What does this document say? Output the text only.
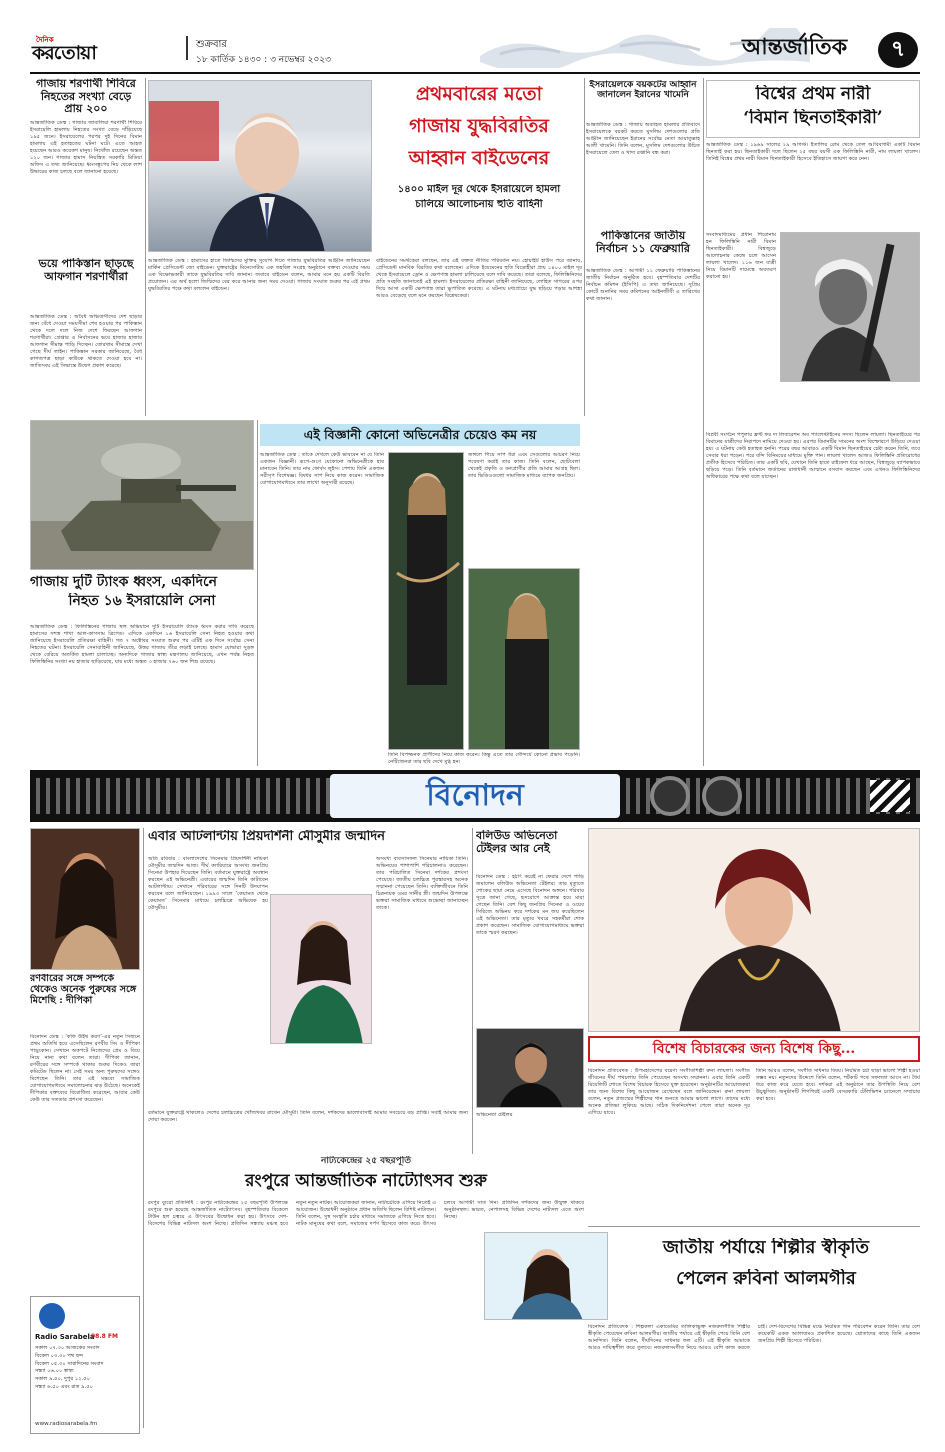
দৈনিক
করতোয়া	শুক্রবার
১৮ কার্তিক ১৪৩০ : ৩ নভেম্বর ২০২৩	আন্তর্জাতিক	৭
গাজায় শরণার্থী শিবিরে নিহতের সংখ্যা বেড়ে প্রায় ২০০
আন্তর্জাতিক ডেস্ক : গাজার জাবালিয়া শরণার্থী শিবিরে ইসরায়েলি হামলায় নিহতের সংখ্যা বেড়ে দাঁড়িয়েছে ১৯৫ জনে। ইসরায়েলের পরপর দুই দিনের বিমান হামলায় এই হতাহতের ঘটনা ঘটে। এতে আহত হয়েছেন আরও কয়েকশ মানুষ। নিখোঁজ রয়েছেন অন্তত ১২০ জন। গাজার হামাস নিয়ন্ত্রিত সরকারি মিডিয়া অফিস এ তথ্য জানিয়েছে। ধ্বংসস্তূপের নিচ থেকে লাশ উদ্ধারের কাজ চলছে বলে জানানো হয়েছে।
ভয়ে পাকিস্তান ছাড়ছে আফগান শরণার্থীরা
আন্তর্জাতিক ডেস্ক : অবৈধ অভিবাসীদের দেশ ছাড়ার জন্য বেঁধে দেওয়া সময়সীমা শেষ হওয়ার পর পাকিস্তান থেকে দলে দলে নিজ দেশে ফিরছেন আফগান শরণার্থীরা। গ্রেপ্তার ও নির্বাসনের ভয়ে হাজার হাজার আফগান সীমান্ত পাড়ি দিচ্ছেন। তোরখাম সীমান্তে দেখা গেছে দীর্ঘ লাইন। পাকিস্তান সরকার জানিয়েছে, বৈধ কাগজপত্র ছাড়া কাউকে থাকতে দেওয়া হবে না। জাতিসংঘ এই সিদ্ধান্তে উদ্বেগ প্রকাশ করেছে।
প্রথমবারের মতো
গাজায় যুদ্ধবিরতির
আহ্বান বাইডেনের
১৪০০ মাইল দূর থেকে ইসরায়েলে হামলা
চালিয়ে আলোচনায় হুতি বাহিনী
আন্তর্জাতিক ডেস্ক : হামাসের হাতে জিম্মিদের মুক্তির সুযোগ দিতে গাজায় যুদ্ধবিরতির আহ্বান জানিয়েছেন মার্কিন প্রেসিডেন্ট জো বাইডেন। যুক্তরাষ্ট্রের মিনেসোটায় এক তহবিল সংগ্রহ অনুষ্ঠানে বক্তব্য দেওয়ার সময় এক বিক্ষোভকারী তাকে যুদ্ধবিরতির দাবি জানান। জবাবে বাইডেন বলেন, আমার মনে হয় একটি বিরতি প্রয়োজন। এর অর্থ হলো জিম্মিদের বের করে আনার জন্য সময় দেওয়া। গাজায় সংঘাত শুরুর পর এই প্রথম যুদ্ধবিরতির পক্ষে কথা বললেন বাইডেন।
বাইডেনের সমর্থকেরা বলছেন, তার এই বক্তব্য নীতির পরিবর্তন নয়। হোয়াইট হাউস পরে জানায়, প্রেসিডেন্ট মানবিক বিরতির কথা বলেছেন। এদিকে ইয়েমেনের হুতি বিদ্রোহীরা প্রায় ১৪০০ মাইল দূর থেকে ইসরায়েলে ড্রোন ও ক্ষেপণাস্ত্র হামলা চালিয়েছে বলে দাবি করেছে। তারা বলেছে, ফিলিস্তিনিদের প্রতি সংহতি জানাতেই এই হামলা। ইসরায়েলের প্রতিরক্ষা বাহিনী জানিয়েছে, লোহিত সাগরের ওপর দিয়ে আসা একটি ক্ষেপণাস্ত্র তারা ভূপাতিত করেছে। এ ঘটনায় মধ্যপ্রাচ্যে যুদ্ধ ছড়িয়ে পড়ার আশঙ্কা আরও বেড়েছে বলে মনে করছেন বিশ্লেষকেরা।
ইসরায়েলকে বয়কটের আহ্বান জানালেন ইরানের খামেনি
আন্তর্জাতিক ডেস্ক : গাজায় অব্যাহত হামলার প্রতিবাদে ইসরায়েলকে বয়কট করতে মুসলিম দেশগুলোর প্রতি আহ্বান জানিয়েছেন ইরানের সর্বোচ্চ নেতা আয়াতুল্লাহ আলী খামেনি। তিনি বলেন, মুসলিম দেশগুলোর উচিত ইসরায়েলে তেল ও খাদ্য রপ্তানি বন্ধ করা।
পাকিস্তানের জাতীয় নির্বাচন ১১ ফেব্রুয়ারি
আন্তর্জাতিক ডেস্ক : আগামী ১১ ফেব্রুয়ারি পাকিস্তানের জাতীয় নির্বাচন অনুষ্ঠিত হবে। বৃহস্পতিবার দেশটির নির্বাচন কমিশন (ইসিপি) এ তথ্য জানিয়েছে। সুপ্রিম কোর্টে শুনানির সময় কমিশনের আইনজীবী এ তারিখের কথা জানান।
বিশ্বের প্রথম নারী
‘বিমান ছিনতাইকারী’
আন্তর্জাতিক ডেস্ক : ১৯৬৯ সালের ২৯ আগস্ট। ইতালির রোম থেকে তেল আবিবগামী একটি বিমান ছিনতাই করা হয়। ছিনতাইকারী দলে ছিলেন ২৫ বছর বয়সী এক ফিলিস্তিনি নারী, নাম লায়লা খালেদ। তিনিই বিশ্বের প্রথম নারী বিমান ছিনতাইকারী হিসেবে ইতিহাসে জায়গা করে নেন।
সংবাদমাধ্যমের প্রধান শিরোনাম হন ফিলিস্তিনি নারী বিমান ছিনতাইকারী। বিশ্বজুড়ে আলোচনার কেন্দ্রে চলে আসেন লায়লা খালেদ। ১১৬ জন যাত্রী নিয়ে বিমানটি দামেস্কে অবতরণ করানো হয়।
বিপ্লবী সংগঠন পপুলার ফ্রন্ট ফর দ্য লিবারেশন অব প্যালেস্টাইনের সদস্য ছিলেন লায়লা। ছিনতাইয়ের পর বিমানের যাত্রীদের নিরাপদে নামিয়ে দেওয়া হয়। এরপর বিমানটির সামনের অংশ বিস্ফোরণে উড়িয়ে দেওয়া হয়। এ ঘটনায় কেউ হতাহত হননি। পরের বছর আবারও একটি বিমান ছিনতাইয়ের চেষ্টা করেন তিনি, তবে সেবার ধরা পড়েন। পরে বন্দি বিনিময়ের মাধ্যমে মুক্তি পান। লায়লা খালেদ আজও ফিলিস্তিনি প্রতিরোধের প্রতীক হিসেবে পরিচিত। তার একটি ছবি, যেখানে তিনি হাতে রাইফেল ধরে আছেন, বিশ্বজুড়ে ব্যাপকভাবে ছড়িয়ে পড়ে। তিনি বর্তমানে জর্ডানের রাজধানী আম্মানে বসবাস করছেন এবং এখনও ফিলিস্তিনিদের অধিকারের পক্ষে কথা বলে যাচ্ছেন।
গাজায় দুটি ট্যাংক ধ্বংস, একদিনে
নিহত ১৬ ইসরায়েলি সেনা
আন্তর্জাতিক ডেস্ক : ফিলিস্তিনের গাজায় স্থল অভিযানে দুটি ইসরায়েলি ট্যাংক ধ্বংস করার দাবি করেছে হামাসের সশস্ত্র শাখা আল-কাসসাম ব্রিগেড। এদিকে একদিনে ১৬ ইসরায়েলি সেনা নিহত হওয়ার কথা জানিয়েছে ইসরায়েলি প্রতিরক্ষা বাহিনী। গত ৭ অক্টোবর সংঘাত শুরুর পর এটিই এক দিনে সর্বোচ্চ সেনা নিহতের ঘটনা। ইসরায়েলি সেনাবাহিনী জানিয়েছে, উত্তর গাজায় তীব্র লড়াই চলছে। হামাস যোদ্ধারা সুড়ঙ্গ থেকে বেরিয়ে অতর্কিত হামলা চালাচ্ছে। অন্যদিকে গাজার স্বাস্থ্য মন্ত্রণালয় জানিয়েছে, এখন পর্যন্ত নিহত ফিলিস্তিনির সংখ্যা নয় হাজার ছাড়িয়েছে, যার মধ্যে অন্তত ৩ হাজার ৭৬০ জন শিশু রয়েছে।
এই বিজ্ঞানী কোনো অভিনেত্রীর চেয়েও কম নয়
আন্তর্জাতিক ডেস্ক : তাকে দেখলে কেউ ভাববেন না যে তিনি একজন বিজ্ঞানী। রূপে-গুণে যেকোনো অভিনেত্রীকে হার মানাবেন তিনি। তার নাম ফোর্বস লুইস। পেশায় তিনি একজন সরীসৃপ বিশেষজ্ঞ। বিষধর সাপ নিয়ে কাজ করেন। সামাজিক যোগাযোগমাধ্যমে তার লাখো অনুসারী রয়েছে।
জঙ্গলে গিয়ে সাপ ধরা এবং সেগুলোর আচরণ নিয়ে গবেষণা করাই তার কাজ। তিনি বলেন, ছোটবেলা থেকেই প্রকৃতি ও বন্যপ্রাণীর প্রতি আমার আগ্রহ ছিল। তার ভিডিওগুলো সামাজিক মাধ্যমে ব্যাপক জনপ্রিয়।
তিনি বিপজ্জনক প্রাণীদের নিয়ে কাজ করেন। কিন্তু এতে তার সৌন্দর্যে কোনো প্রভাব পড়েনি। নেটিজেনরা তার ছবি দেখে মুগ্ধ হন।
বিনোদন
রণবীরের সঙ্গে সম্পর্কে থেকেও অনেক পুরুষের সঙ্গে মিশেছি : দীপিকা
বিনোদন ডেস্ক : ‘কফি উইথ করণ’-এর নতুন সিজনে প্রথম অতিথি হয়ে এসেছিলেন রণবীর সিং ও দীপিকা পাড়ুকোন। সেখানে অকপটে নিজেদের প্রেম ও বিয়ে নিয়ে নানা কথা বলেন তারা। দীপিকা জানান, রণবীরের সঙ্গে সম্পর্কে থাকার শুরুর দিকেও তারা কমিটেড ছিলেন না। সেই সময় অন্য পুরুষদের সঙ্গেও মিশেছেন তিনি। তার এই মন্তব্যে সামাজিক যোগাযোগমাধ্যমে সমালোচনার ঝড় উঠেছে। অনেকেই দীপিকার বক্তব্যের বিরোধিতা করেছেন, আবার কেউ কেউ তার সততার প্রশংসা করেছেন।
এবার আটলান্টায় প্রিয়দর্শিনী মৌসুমীর জন্মদিন
অতি রবিবার : বাংলাদেশের সিনেমার প্রিয়দর্শিনী নায়িকা মৌসুমীর জন্মদিন আজ। দীর্ঘ ক্যারিয়ারে অসংখ্য জনপ্রিয় সিনেমা উপহার দিয়েছেন তিনি। বর্তমানে যুক্তরাষ্ট্রে অবস্থান করছেন এই অভিনেত্রী। এবারের জন্মদিন তিনি কাটাবেন আটলান্টায়। সেখানে পরিবারের সঙ্গে দিনটি উদযাপন করবেন বলে জানিয়েছেন। ১৯৯৩ সালে ‘কেয়ামত থেকে কেয়ামত’ সিনেমার মাধ্যমে চলচ্চিত্রে অভিষেক হয় মৌসুমীর।
অসংখ্য ব্যবসাসফল সিনেমার নায়িকা তিনি। অভিনয়ের পাশাপাশি পরিচালনাও করেছেন। তার পরিচালিত সিনেমা দর্শকের প্রশংসা পেয়েছে। জাতীয় চলচ্চিত্র পুরস্কারসহ অনেক সম্মাননা পেয়েছেন তিনি। ব্যক্তিজীবনে তিনি চিত্রনায়ক ওমর সানীর স্ত্রী। জন্মদিন উপলক্ষে ভক্তরা সামাজিক মাধ্যমে শুভেচ্ছা জানাচ্ছেন তাকে।
বর্তমানে যুক্তরাষ্ট্রে থাকলেও দেশের চলচ্চিত্রের খোঁজখবর রাখেন মৌসুমী। তিনি বলেন, দর্শকদের ভালোবাসাই আমার সবচেয়ে বড় প্রাপ্তি। সবাই আমার জন্য দোয়া করবেন।
বলিউড অভিনেতা টেইলর আর নেই
বিনোদন ডেস্ক : হঠাৎ করেই না ফেরার দেশে পাড়ি জমালেন বলিউড অভিনেতা টেইলর। তার মৃত্যুতে শোকের ছায়া নেমে এসেছে বিনোদন অঙ্গনে। পরিবার সূত্রে জানা গেছে, হৃদরোগে আক্রান্ত হয়ে মারা গেছেন তিনি। বেশ কিছু জনপ্রিয় সিনেমা ও ওয়েব সিরিজে অভিনয় করে দর্শকের মন জয় করেছিলেন এই অভিনেতা। তার মৃত্যুর খবরে সহকর্মীরা শোক প্রকাশ করেছেন। সামাজিক যোগাযোগমাধ্যমে ভক্তরা তাকে স্মরণ করছেন।
অভিনেতা টেইলর
বিশেষ বিচারকের জন্য বিশেষ কিছু...
বিনোদন প্রতিবেদক : উপমহাদেশের বরেণ্য সংগীতশিল্পী রুনা লায়লা। সংগীত জীবনের দীর্ঘ পথচলায় তিনি পেয়েছেন অসংখ্য সম্মাননা। এবার তিনি একটি রিয়েলিটি শোতে বিশেষ বিচারক হিসেবে যুক্ত হয়েছেন। অনুষ্ঠানটির আয়োজকরা তার জন্য বিশেষ কিছু আয়োজন রেখেছেন বলে জানিয়েছেন। রুনা লায়লা বলেন, নতুন প্রজন্মের শিল্পীদের গান শুনতে আমার ভালো লাগে। তাদের মধ্যে অনেক প্রতিভা লুকিয়ে আছে। সঠিক দিকনির্দেশনা পেলে তারা অনেক দূর এগিয়ে যাবে।
তিনি আরও বলেন, সংগীত সাধনার বিষয়। নিয়মিত চর্চা ছাড়া ভালো শিল্পী হওয়া সম্ভব নয়। নতুনদের উদ্দেশে তিনি বলেন, শর্টকাট পথে সফলতা আসে না। ধৈর্য ধরে কাজ করে যেতে হবে। দর্শকরা এই অনুষ্ঠানে তার উপস্থিতি নিয়ে বেশ উচ্ছ্বসিত। অনুষ্ঠানটি শিগগিরই একটি বেসরকারি টেলিভিশন চ্যানেলে সম্প্রচার করা হবে।
নাট্যকেন্দ্রের ২৫ বছরপূর্তি
রংপুরে আন্তর্জাতিক নাট্যোৎসব শুরু
রংপুর ব্যুরো প্রতিনিধি : রংপুর নাট্যকেন্দ্রের ২৫ বছরপূর্তি উপলক্ষে রংপুরে শুরু হয়েছে আন্তর্জাতিক নাট্যোৎসব। বৃহস্পতিবার বিকেলে টাউন হল চত্বরে এ উৎসবের উদ্বোধন করা হয়। উৎসবে দেশ-বিদেশের বিভিন্ন নাট্যদল অংশ নিচ্ছে। প্রতিদিন সন্ধ্যায় মঞ্চস্থ হবে নতুন নতুন নাটক। আয়োজকরা জানান, নাট্যচর্চাকে এগিয়ে নিতেই এ আয়োজন। উদ্বোধনী অনুষ্ঠানে প্রধান অতিথি ছিলেন বিশিষ্ট নাট্যজন। তিনি বলেন, সুস্থ সংস্কৃতি চর্চার মাধ্যমে সমাজকে এগিয়ে নিতে হবে। নাটক মানুষের কথা বলে, সমাজের দর্পণ হিসেবে কাজ করে। উৎসব চলবে আগামী সাত দিন। প্রতিদিন দর্শকদের জন্য উন্মুক্ত থাকবে অনুষ্ঠানস্থল। ভারত, নেপালসহ বিভিন্ন দেশের নাট্যদল এতে অংশ নিচ্ছে।
জাতীয় পর্যায়ে শিল্পীর স্বীকৃতি
পেলেন রুবিনা আলমগীর
বিনোদন প্রতিবেদক : শিল্পকলা একাডেমির তালিকাভুক্ত নজরুলগীতি শিল্পীর স্বীকৃতি পেয়েছেন রুবিনা আলমগীর। জাতীয় পর্যায়ে এই স্বীকৃতি পেয়ে তিনি বেশ আনন্দিত। তিনি বলেন, দীর্ঘদিনের সাধনার ফল এটি। এই স্বীকৃতি আমাকে আরও দায়িত্বশীল করে তুলবে। নজরুলসংগীত নিয়ে আরও বেশি কাজ করতে চাই। দেশ-বিদেশের বিভিন্ন মঞ্চে নিয়মিত গান পরিবেশন করেন তিনি। তার বেশ কয়েকটি একক অ্যালবামও প্রকাশিত হয়েছে। শ্রোতাদের কাছে তিনি একজন জনপ্রিয় শিল্পী হিসেবে পরিচিত।
Radio Sarabela
98.8 FM
সকাল ০৭.৩০ আজকের সংবাদ
বিকেল ০৩.৩০ পথ ছন্দ
বিকেল ০৫.৩০ সারাদিনের সংবাদ
সন্ধ্যা ০৬.০০ স্বাস্থ্য
সকাল ৯.৫০, দুপুর ১২.৫০
সন্ধ্যা ৬.৫০ এবং রাত ৯.৫০
www.radiosarabela.fm
